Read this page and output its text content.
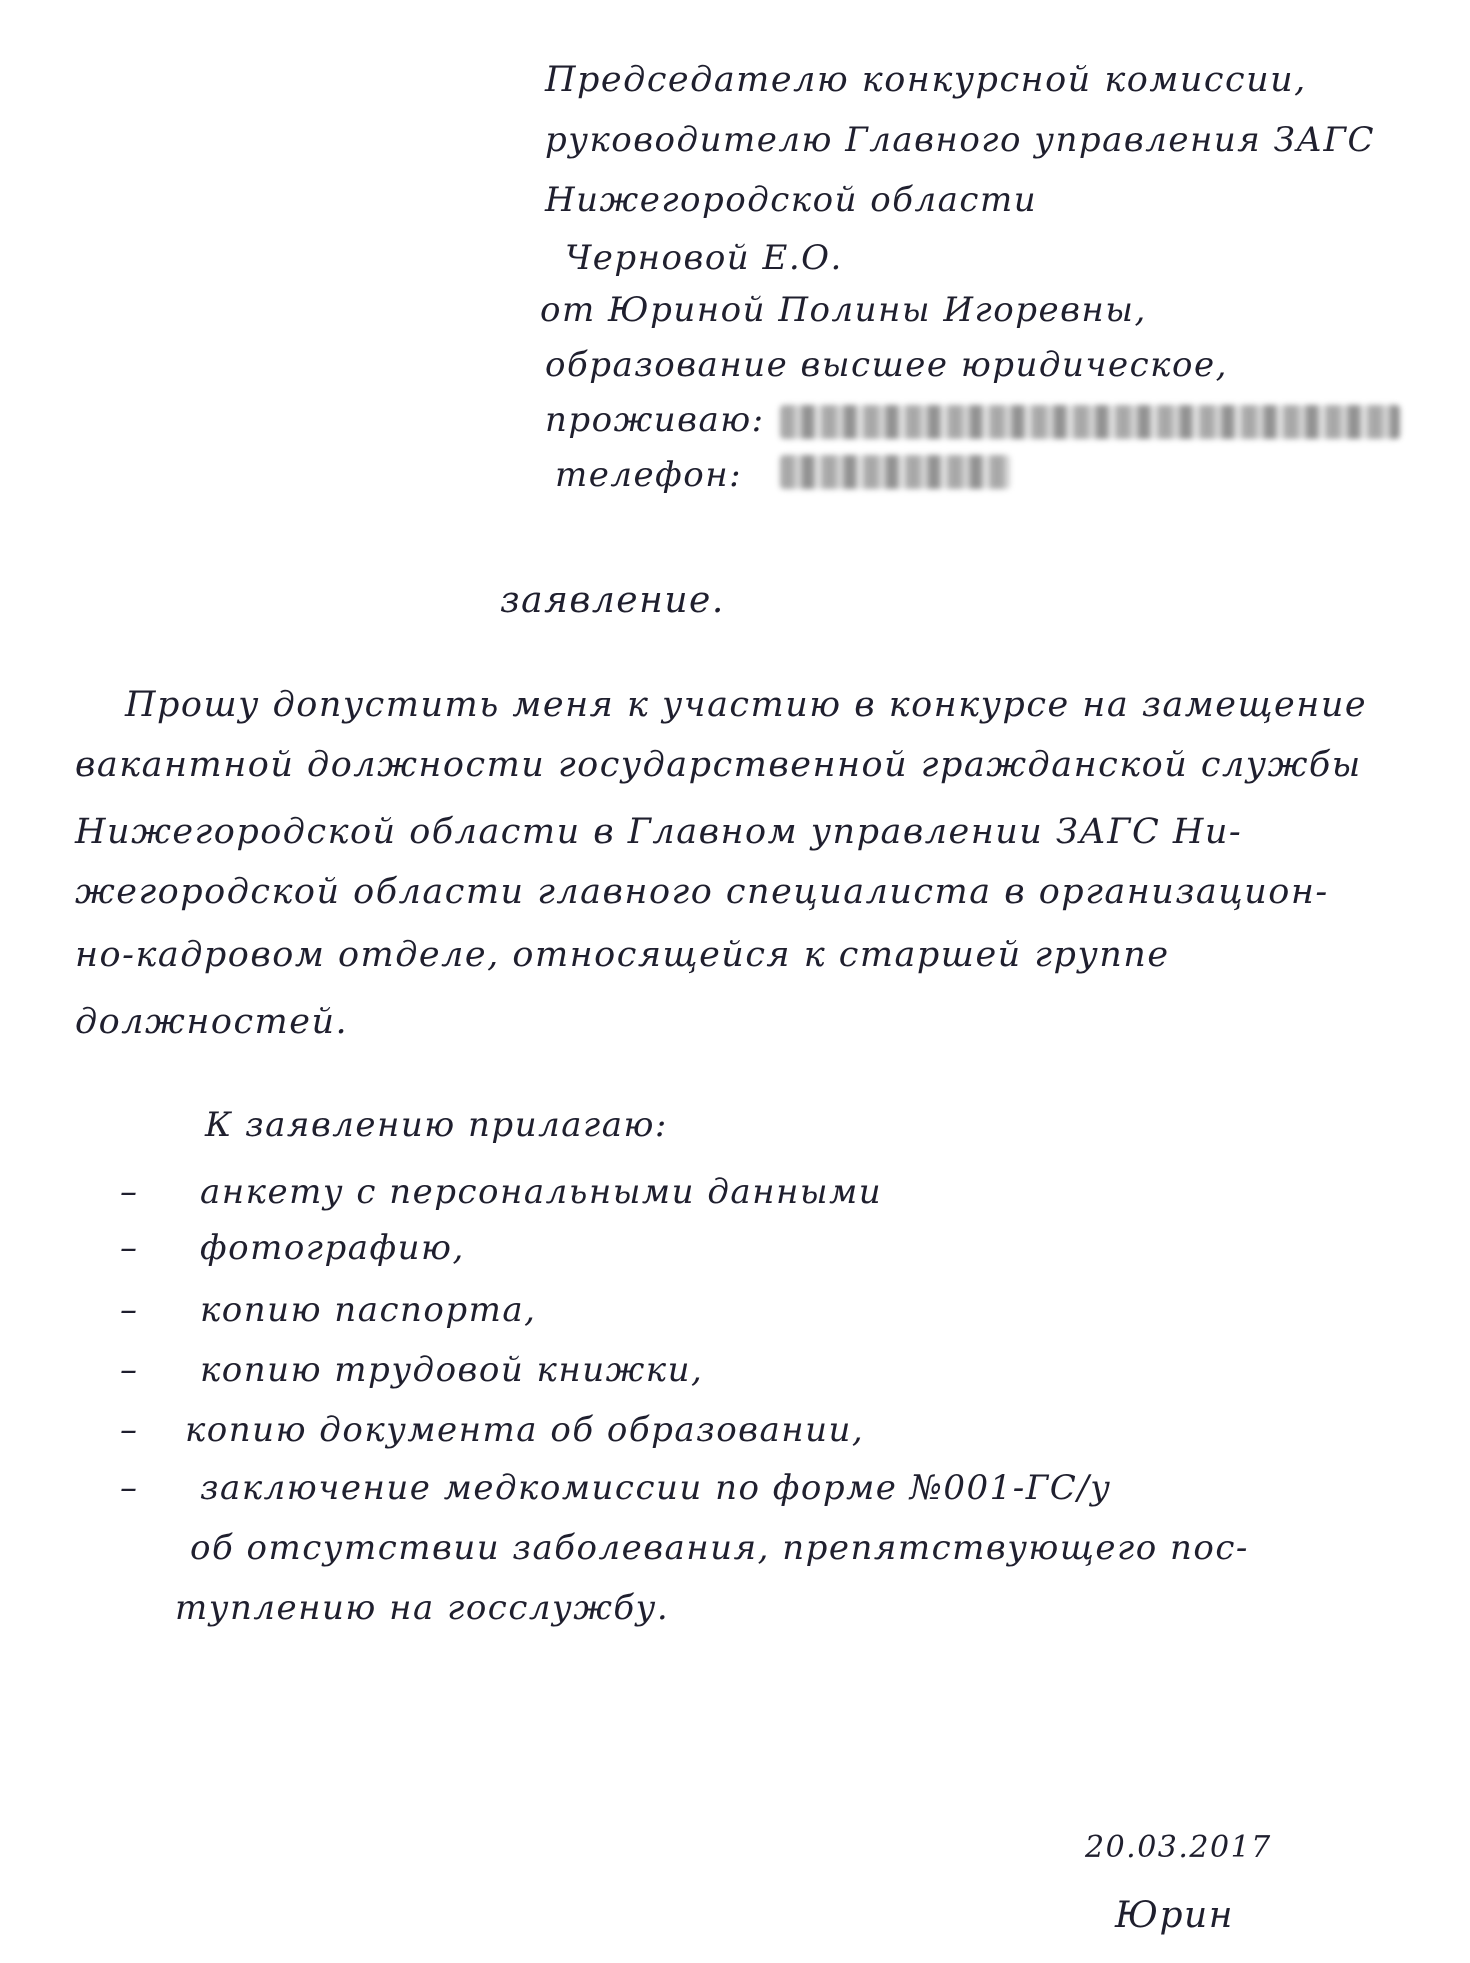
Председателю конкурсной комиссии,
руководителю Главного управления ЗАГС
Нижегородской области
Черновой Е.О.
от Юриной Полины Игоревны,
образование высшее юридическое,
проживаю:
телефон:
заявление.
Прошу допустить меня к участию в конкурсе на замещение
вакантной должности государственной гражданской службы
Нижегородской области в Главном управлении ЗАГС Ни-
жегородской области главного специалиста в организацион-
но-кадровом отделе, относящейся к старшей группе
должностей.
К заявлению прилагаю:
– анкету с персональными данными
– фотографию,
– копию паспорта,
– копию трудовой книжки,
– копию документа об образовании,
– заключение медкомиссии по форме №001-ГС/у
об отсутствии заболевания, препятствующего пос-
туплению на госслужбу.
20.03.2017
Юрин
